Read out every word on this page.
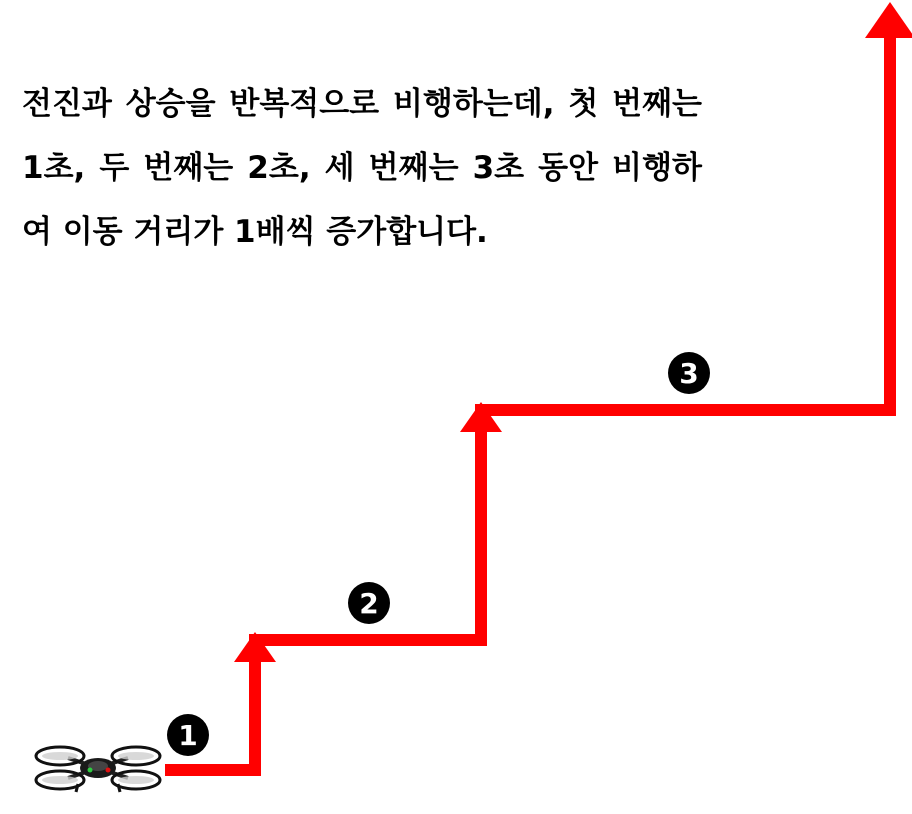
전진과 상승을 반복적으로 비행하는데, 첫 번째는 1초, 두 번째는 2초, 세 번째는 3초 동안 비행하여 이동 거리가 1배씩 증가합니다.

1
2
3
